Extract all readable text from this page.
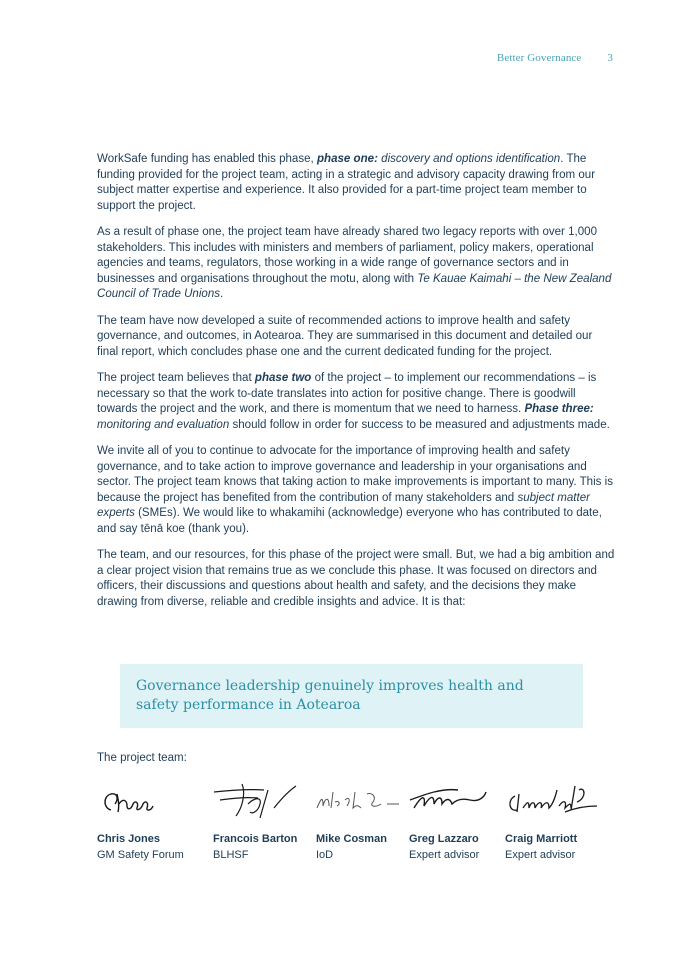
Better Governance 3

WorkSafe funding has enabled this phase, phase one: discovery and options identification. The funding provided for the project team, acting in a strategic and advisory capacity drawing from our subject matter expertise and experience. It also provided for a part-time project team member to support the project.

As a result of phase one, the project team have already shared two legacy reports with over 1,000 stakeholders. This includes with ministers and members of parliament, policy makers, operational agencies and teams, regulators, those working in a wide range of governance sectors and in businesses and organisations throughout the motu, along with Te Kauae Kaimahi – the New Zealand Council of Trade Unions.

The team have now developed a suite of recommended actions to improve health and safety governance, and outcomes, in Aotearoa. They are summarised in this document and detailed our final report, which concludes phase one and the current dedicated funding for the project.

The project team believes that phase two of the project – to implement our recommendations – is necessary so that the work to-date translates into action for positive change. There is goodwill towards the project and the work, and there is momentum that we need to harness. Phase three: monitoring and evaluation should follow in order for success to be measured and adjustments made.

We invite all of you to continue to advocate for the importance of improving health and safety governance, and to take action to improve governance and leadership in your organisations and sector. The project team knows that taking action to make improvements is important to many. This is because the project has benefited from the contribution of many stakeholders and subject matter experts (SMEs). We would like to whakamihi (acknowledge) everyone who has contributed to date, and say tēnā koe (thank you).

The team, and our resources, for this phase of the project were small. But, we had a big ambition and a clear project vision that remains true as we conclude this phase. It was focused on directors and officers, their discussions and questions about health and safety, and the decisions they make drawing from diverse, reliable and credible insights and advice. It is that:

Governance leadership genuinely improves health and safety performance in Aotearoa
The project team:
Chris Jones
GM Safety Forum
Francois Barton
BLHSF
Mike Cosman
IoD
Greg Lazzaro
Expert advisor
Craig Marriott
Expert advisor
